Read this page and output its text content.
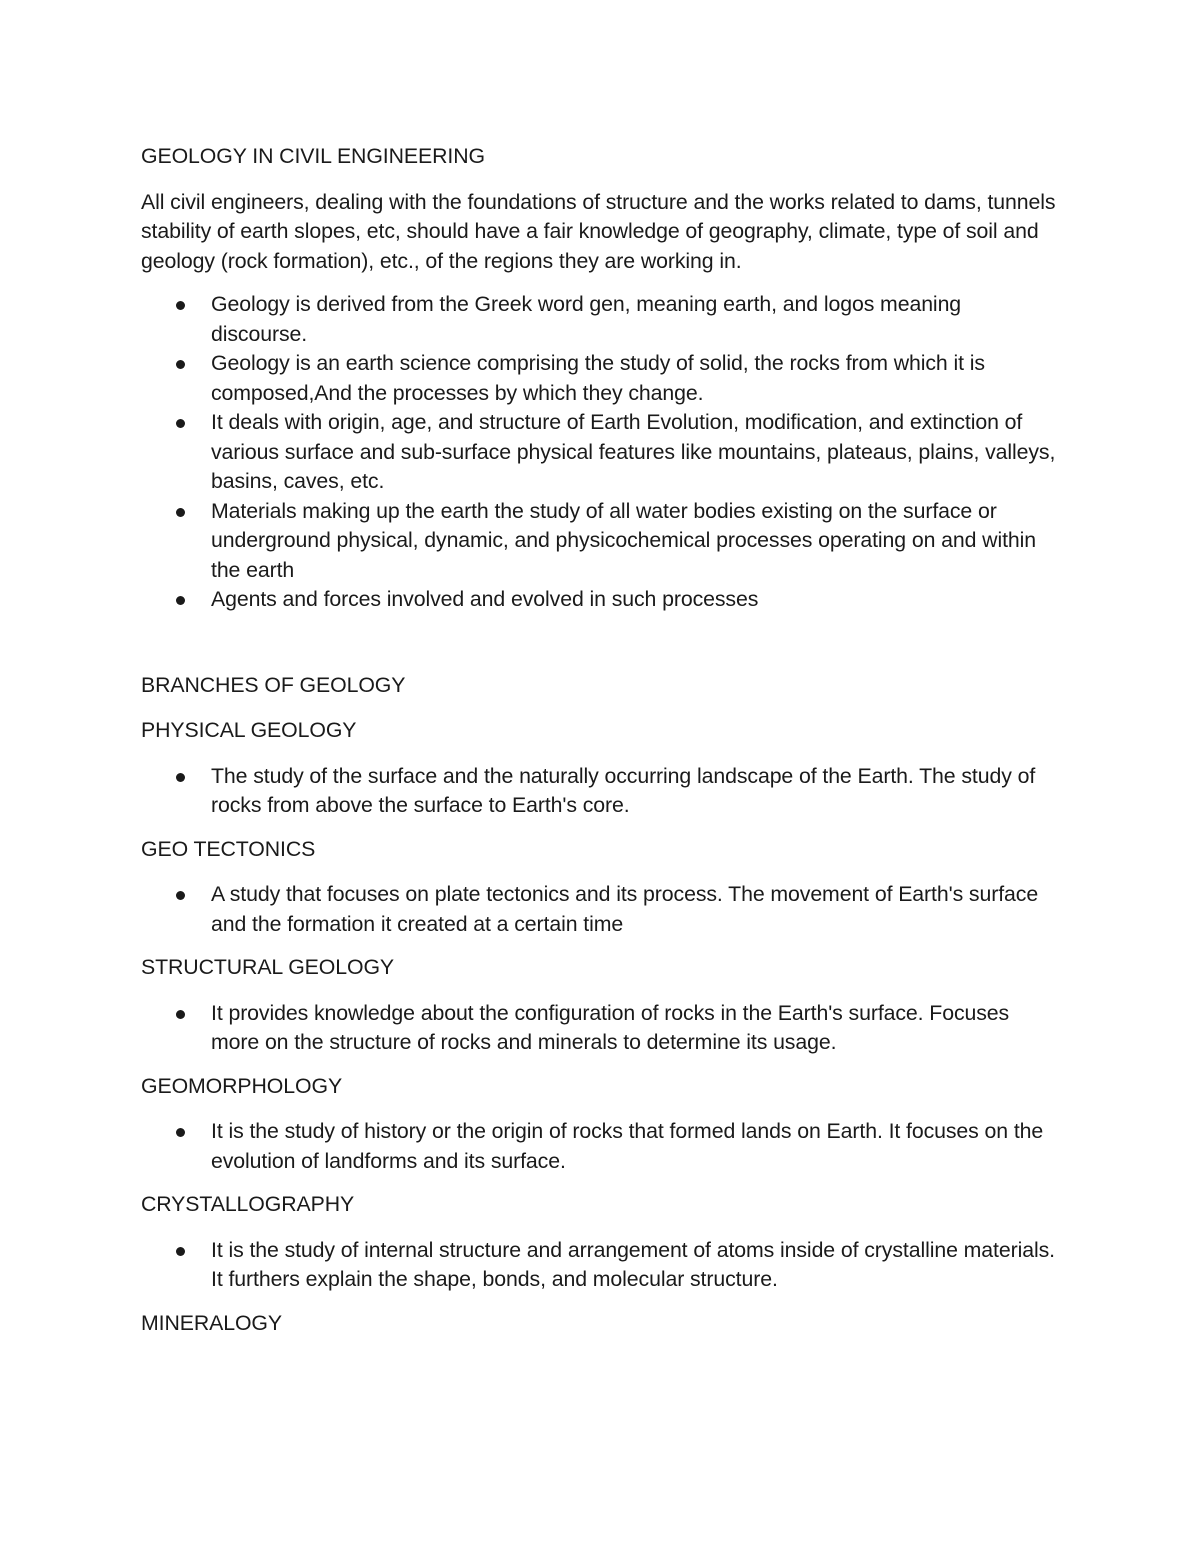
GEOLOGY IN CIVIL ENGINEERING
All civil engineers, dealing with the foundations of structure and the works related to dams, tunnels stability of earth slopes, etc, should have a fair knowledge of geography, climate, type of soil and geology (rock formation), etc., of the regions they are working in.
Geology is derived from the Greek word gen, meaning earth, and logos meaning discourse.
Geology is an earth science comprising the study of solid, the rocks from which it is composed,And the processes by which they change.
It deals with origin, age, and structure of Earth Evolution, modification, and extinction of various surface and sub-surface physical features like mountains, plateaus, plains, valleys, basins, caves, etc.
Materials making up the earth the study of all water bodies existing on the surface or underground physical, dynamic, and physicochemical processes operating on and within the earth
Agents and forces involved and evolved in such processes
BRANCHES OF GEOLOGY
PHYSICAL GEOLOGY
The study of the surface and the naturally occurring landscape of the Earth. The study of rocks from above the surface to Earth's core.
GEO TECTONICS
A study that focuses on plate tectonics and its process. The movement of Earth's surface and the formation it created at a certain time
STRUCTURAL GEOLOGY
It provides knowledge about the configuration of rocks in the Earth's surface. Focuses more on the structure of rocks and minerals to determine its usage.
GEOMORPHOLOGY
It is the study of history or the origin of rocks that formed lands on Earth. It focuses on the evolution of landforms and its surface.
CRYSTALLOGRAPHY
It is the study of internal structure and arrangement of atoms inside of crystalline materials. It furthers explain the shape, bonds, and molecular structure.
MINERALOGY
